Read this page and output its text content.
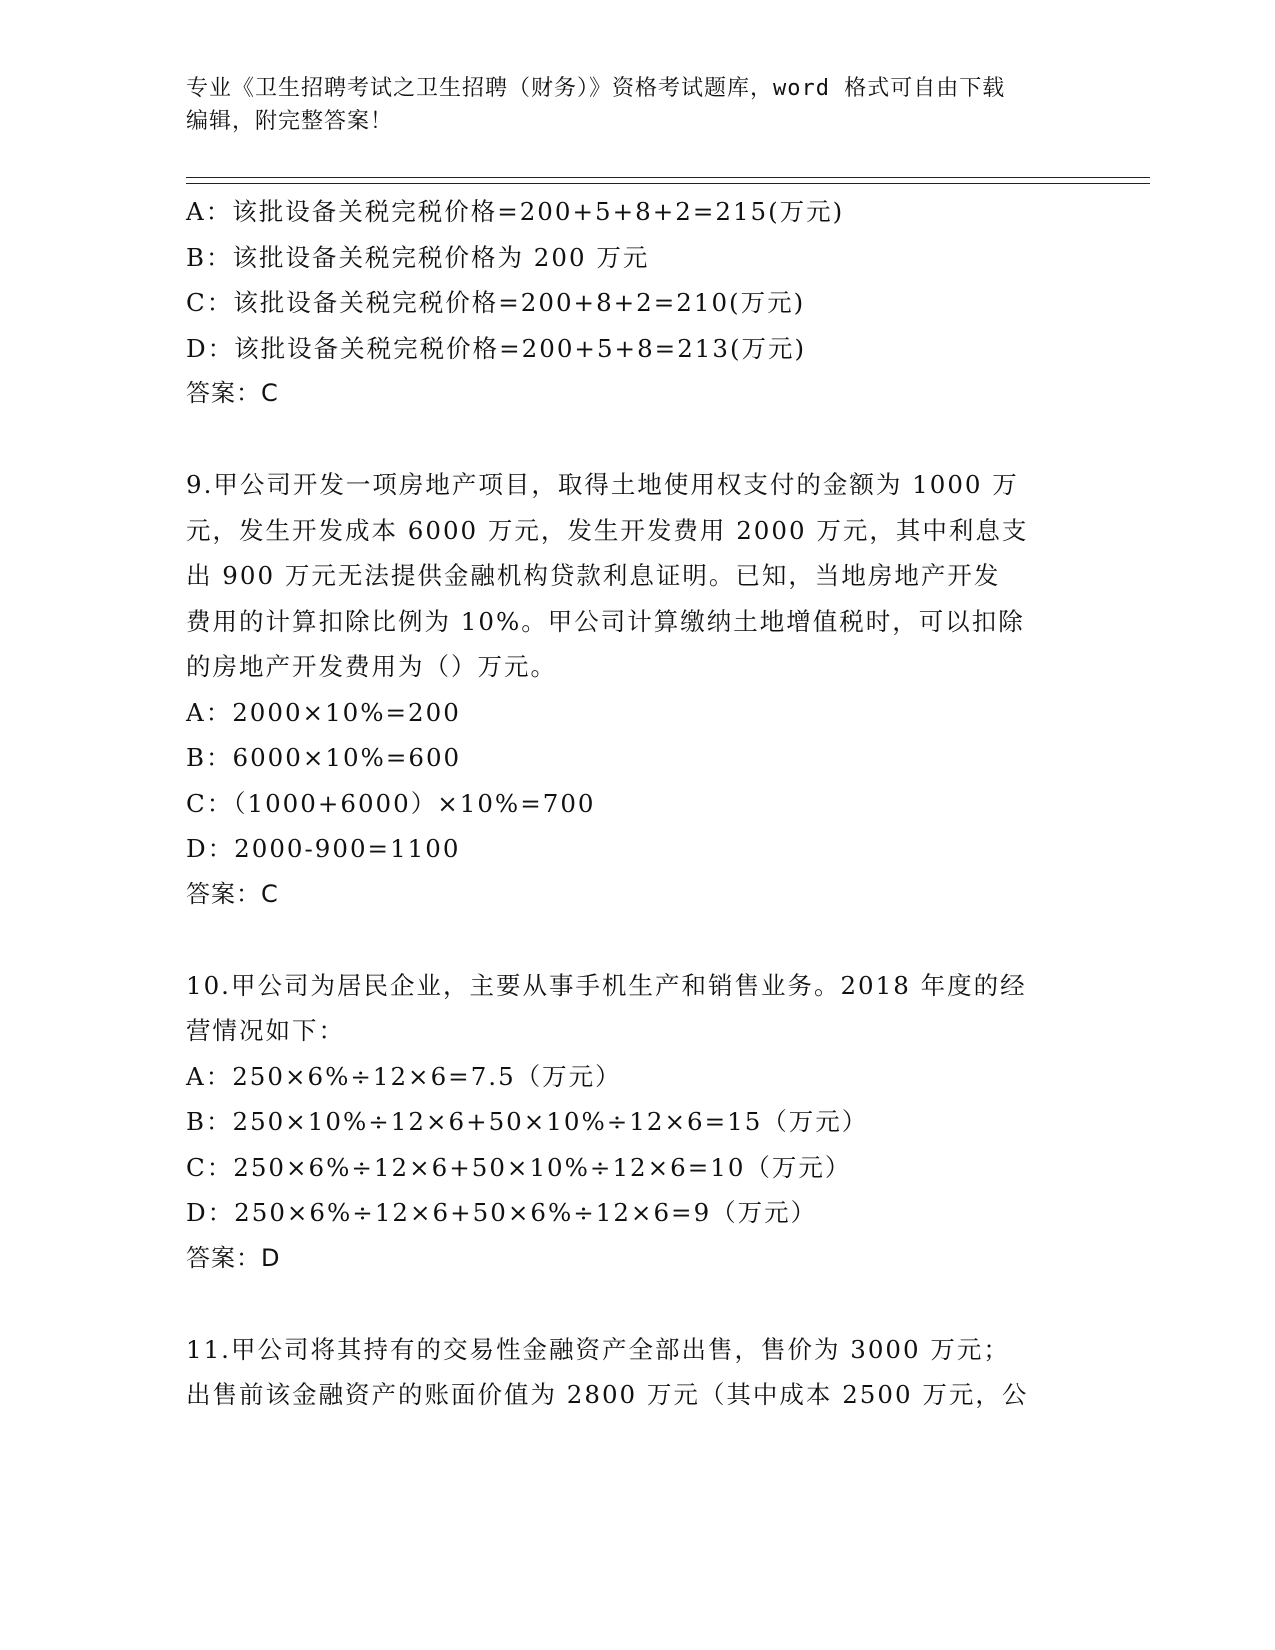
专业《卫生招聘考试之卫生招聘（财务）》资格考试题库，word 格式可自由下载
编辑，附完整答案！
A：该批设备关税完税价格=200+5+8+2=215(万元)
B：该批设备关税完税价格为 200 万元
C：该批设备关税完税价格=200+8+2=210(万元)
D：该批设备关税完税价格=200+5+8=213(万元)
答案：C
9.甲公司开发一项房地产项目，取得土地使用权支付的金额为 1000 万
元，发生开发成本 6000 万元，发生开发费用 2000 万元，其中利息支
出 900 万元无法提供金融机构贷款利息证明。已知，当地房地产开发
费用的计算扣除比例为 10%。甲公司计算缴纳土地增值税时，可以扣除
的房地产开发费用为（）万元。
A：2000×10%=200
B：6000×10%=600
C：（1000+6000）×10%=700
D：2000-900=1100
答案：C
10.甲公司为居民企业，主要从事手机生产和销售业务。2018 年度的经
营情况如下：
A：250×6%÷12×6=7.5（万元）
B：250×10%÷12×6+50×10%÷12×6=15（万元）
C：250×6%÷12×6+50×10%÷12×6=10（万元）
D：250×6%÷12×6+50×6%÷12×6=9（万元）
答案：D
11.甲公司将其持有的交易性金融资产全部出售，售价为 3000 万元；
出售前该金融资产的账面价值为 2800 万元（其中成本 2500 万元，公
